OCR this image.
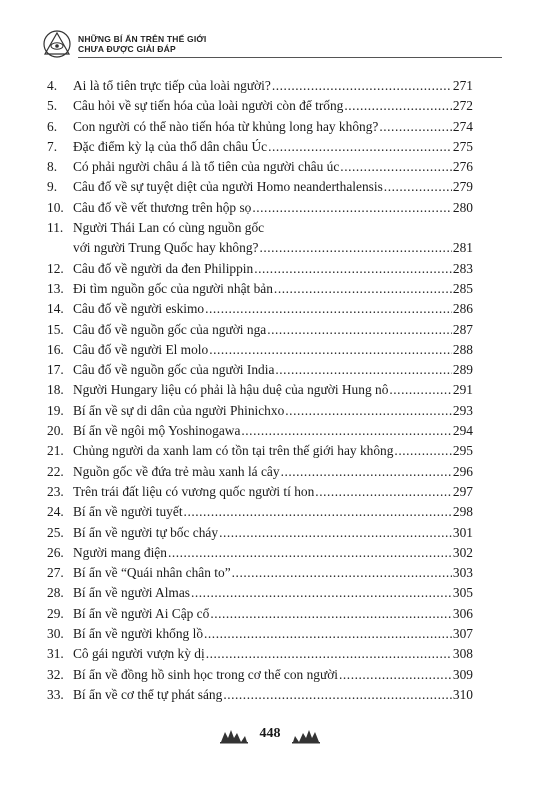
NHỮNG BÍ ẨN TRÊN THẾ GIỚI
CHƯA ĐƯỢC GIẢI ĐÁP
4.	Ai là tổ tiên trực tiếp của loài người? . . .	271
5.	Câu hỏi về sự tiến hóa của loài người còn để trống . . .	272
6.	Con người có thể nào tiến hóa từ khủng long hay không? . . .	274
7.	Đặc điểm kỳ lạ của thổ dân châu Úc . . .	275
8.	Có phải người châu á là tổ tiên của người châu úc . . .	276
9.	Câu đố về sự tuyệt diệt của người Homo neanderthalensis . . .	279
10. Câu đố về vết thương trên hộp sọ . . .	280
11. Người Thái Lan có cùng nguồn gốc
với người Trung Quốc hay không? . . .	281
12. Câu đố về người da đen Philippin . . .	283
13. Đi tìm nguồn gốc của người nhật bản . . .	285
14. Câu đố về người eskimo . . .	286
15. Câu đố về nguồn gốc của người nga . . .	287
16. Câu đố về người El molo . . .	288
17. Câu đố về nguồn gốc của người India . . .	289
18. Người Hungary liệu có phải là hậu duệ của người Hung nô . . .	291
19. Bí ẩn về sự di dân của người Phinichxo . . .	293
20. Bí ẩn về ngôi mộ Yoshinogawa . . .	294
21. Chủng người da xanh lam có tồn tại trên thế giới hay không . . .	295
22. Nguồn gốc về đứa trẻ màu xanh lá cây . . .	296
23. Trên trái đất liệu có vương quốc người tí hon . . .	297
24. Bí ẩn về người tuyết . . .	298
25. Bí ẩn về người tự bốc cháy . . .	301
26. Người mang điện . . .	302
27. Bí ẩn về “Quái nhân chân to” . . .	303
28. Bí ẩn về người Almas . . .	305
29. Bí ẩn về người Ai Cập cổ . . .	306
30. Bí ẩn về người khổng lồ . . .	307
31. Cô gái người vượn kỳ dị . . .	308
32. Bí ẩn về đồng hồ sinh học trong cơ thể con người . . .	309
33. Bí ẩn về cơ thể tự phát sáng . . .	310
448
